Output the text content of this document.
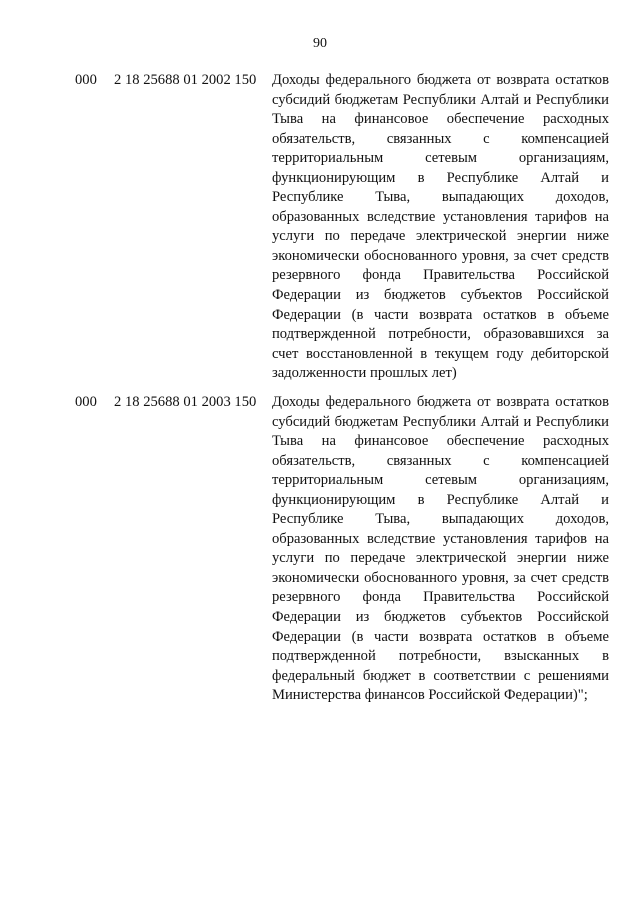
90
000 2 18 25688 01 2002 150 Доходы федерального бюджета от возврата остатков субсидий бюджетам Республики Алтай и Республики Тыва на финансовое обеспечение расходных обязательств, связанных с компенсацией территориальным сетевым организациям, функционирующим в Республике Алтай и Республике Тыва, выпадающих доходов, образованных вследствие установления тарифов на услуги по передаче электрической энергии ниже экономически обоснованного уровня, за счет средств резервного фонда Правительства Российской Федерации из бюджетов субъектов Российской Федерации (в части возврата остатков в объеме подтвержденной потребности, образовавшихся за счет восстановленной в текущем году дебиторской задолженности прошлых лет)
000 2 18 25688 01 2003 150 Доходы федерального бюджета от возврата остатков субсидий бюджетам Республики Алтай и Республики Тыва на финансовое обеспечение расходных обязательств, связанных с компенсацией территориальным сетевым организациям, функционирующим в Республике Алтай и Республике Тыва, выпадающих доходов, образованных вследствие установления тарифов на услуги по передаче электрической энергии ниже экономически обоснованного уровня, за счет средств резервного фонда Правительства Российской Федерации из бюджетов субъектов Российской Федерации (в части возврата остатков в объеме подтвержденной потребности, взысканных в федеральный бюджет в соответствии с решениями Министерства финансов Российской Федерации)";
